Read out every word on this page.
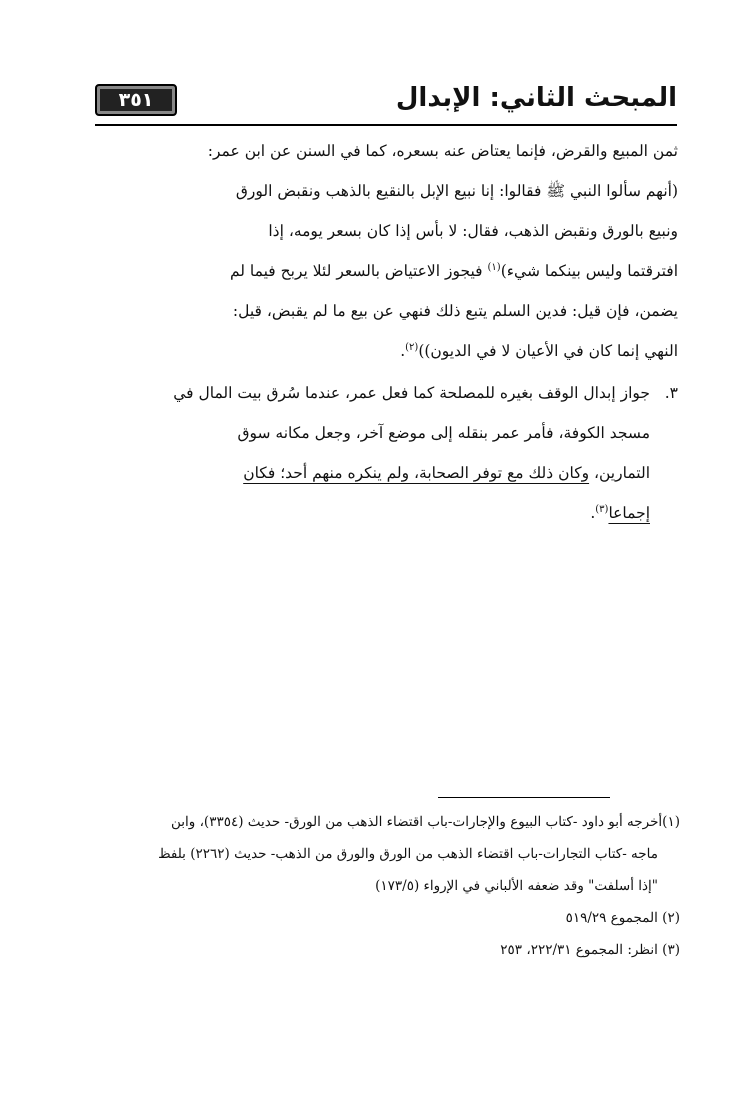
المبحث الثاني: الإبدال
٣٥١

ثمن المبيع والقرض، فإنما يعتاض عنه بسعره، كما في السنن عن ابن عمر:

(أنهم سألوا النبي ﷺ فقالوا: إنا نبيع الإبل بالنقيع بالذهب ونقبض الورق

ونبيع بالورق ونقبض الذهب، فقال: لا بأس إذا كان بسعر يومه، إذا

افترقتما وليس بينكما شيء)$^{(١)}$ فيجوز الاعتياض بالسعر لئلا يربح فيما لم

يضمن، فإن قيل: فدين السلم يتبع ذلك فنهي عن بيع ما لم يقبض، قيل:

النهي إنما كان في الأعيان لا في الديون))$^{(٢)}$.

٣.

جواز إبدال الوقف بغيره للمصلحة كما فعل عمر، عندما سُرق بيت المال في

مسجد الكوفة، فأمر عمر بنقله إلى موضع آخر، وجعل مكانه سوق

التمارين، وكان ذلك مع توفر الصحابة، ولم ينكره منهم أحد؛ فكان

إجماعا$^{(٣)}$.

(١)أخرجه أبو داود -كتاب البيوع والإجارات-باب اقتضاء الذهب من الورق- حديث (٣٣٥٤)، وابن

ماجه -كتاب التجارات-باب اقتضاء الذهب من الورق والورق من الذهب- حديث (٢٢٦٢) بلفظ

"إذا أسلفت" وقد ضعفه الألباني في الإرواء (١٧٣/٥)

(٢) المجموع ٥١٩/٢٩

(٣) انظر: المجموع ٢٢٢/٣١، ٢٥٣
